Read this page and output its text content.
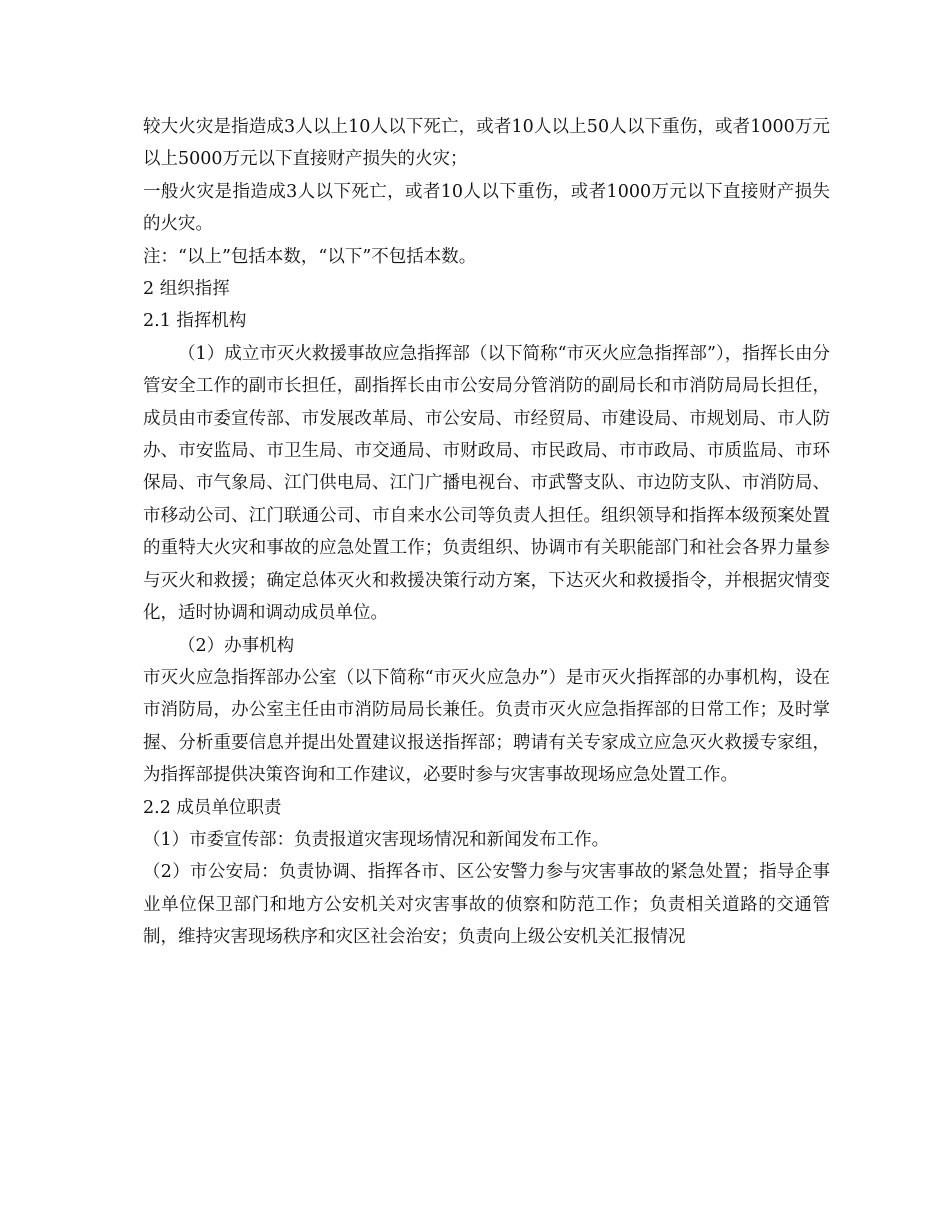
较大火灾是指造成3人以上10人以下死亡，或者10人以上50人以下重伤，或者1000万元以上5000万元以下直接财产损失的火灾；

一般火灾是指造成3人以下死亡，或者10人以下重伤，或者1000万元以下直接财产损失的火灾。

注：“以上”包括本数，“以下”不包括本数。

2 组织指挥

2.1 指挥机构

（1）成立市灭火救援事故应急指挥部（以下简称“市灭火应急指挥部”），指挥长由分管安全工作的副市长担任，副指挥长由市公安局分管消防的副局长和市消防局局长担任，成员由市委宣传部、市发展改革局、市公安局、市经贸局、市建设局、市规划局、市人防办、市安监局、市卫生局、市交通局、市财政局、市民政局、市市政局、市质监局、市环保局、市气象局、江门供电局、江门广播电视台、市武警支队、市边防支队、市消防局、市移动公司、江门联通公司、市自来水公司等负责人担任。组织领导和指挥本级预案处置的重特大火灾和事故的应急处置工作；负责组织、协调市有关职能部门和社会各界力量参与灭火和救援；确定总体灭火和救援决策行动方案，下达灭火和救援指令，并根据灾情变化，适时协调和调动成员单位。

（2）办事机构

市灭火应急指挥部办公室（以下简称“市灭火应急办”）是市灭火指挥部的办事机构，设在市消防局，办公室主任由市消防局局长兼任。负责市灭火应急指挥部的日常工作；及时掌握、分析重要信息并提出处置建议报送指挥部；聘请有关专家成立应急灭火救援专家组，为指挥部提供决策咨询和工作建议，必要时参与灾害事故现场应急处置工作。

2.2 成员单位职责

（1）市委宣传部：负责报道灾害现场情况和新闻发布工作。

（2）市公安局：负责协调、指挥各市、区公安警力参与灾害事故的紧急处置；指导企事业单位保卫部门和地方公安机关对灾害事故的侦察和防范工作；负责相关道路的交通管制，维持灾害现场秩序和灾区社会治安；负责向上级公安机关汇报情况
